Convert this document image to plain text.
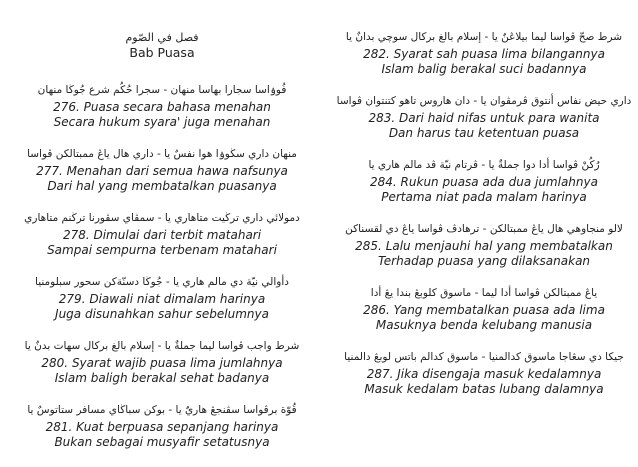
فصل في الصّوم
Bab Puasa
فُوۏاسا سجارا بهاسا منهان - سجرا حُكُم شرع جُوڬا منهان
276 . Puasa secara bahasa menahan
Secara hukum syara' juga menahan
منهان داري سڬوۏا هوا نفسٌ يا - داري هال ياڠ ممبتالكن ڤواسا
277 . Menahan dari semua hawa nafsunya
Dari hal yang membatalkan puasanya
دمولائي داري ترڬيت متاهاري يا - سمڤاي سڤورنا ترڬنم متاهاري
278 . Dimulai dari terbit matahari
Sampai sempurna terbenam matahari
دأوالي نيّة دي مالم هاري يا - جُوڬا دسنّةكن سحور سبلومنيا
279 . Diawali niat dimalam harinya
Juga disunahkan sahur sebelumnya
شرط واجب ڤواسا ليما جملةٌ يا - إسلام بالغ بركال سهات بدنٌ يا
280 . Syarat wajib puasa lima jumlahnya
Islam baligh berakal sehat badanya
قُوّة برڤواسا سڤنجڠ هاريٌ يا - بوكن سباڬاي مسافر ستاتوسٌ يا
281 . Kuat berpuasa sepanjang harinya
Bukan sebagai musyafir setatusnya
شرط صحّ ڤواسا ليما بيلاڠنٌ يا - إسلام بالغ بركال سوچي بدانٌ يا
282 . Syarat sah puasa lima bilangannya
Islam balig berakal suci badannya
داري حيض نفاس أنتوق ڤرمڤوان يا - دان هاروس تاهو كتنتوان ڤواسا
283 . Dari haid nifas untuk para wanita
Dan harus tau ketentuan puasa
رُكُنْ ڤواسا أدا دوا جملةٌ يا - ڤرتام نيّة ڤد مالم هاري يا
284 . Rukun puasa ada dua jumlahnya
Pertama niat pada malam harinya
لالو منجاوهي هال ياڠ ممبتالكن - ترهادڤ ڤواسا ياڠ دي لقسناكن
285 . Lalu menjauhi hal yang membatalkan
Terhadap puasa yang dilaksanakan
ياڠ ممبتالكن ڤواسا أدا ليما - ماسوق كلوبڠ بندا يڠ أدا
286 . Yang membatalkan puasa ada lima
Masuknya benda kelubang manusia
جيكا دي سڠاجا ماسوق كدالمنيا - ماسوق كدالم باتس لوبڠ دالمنيا
287 . Jika disengaja masuk kedalamnya
Masuk kedalam batas lubang dalamnya
